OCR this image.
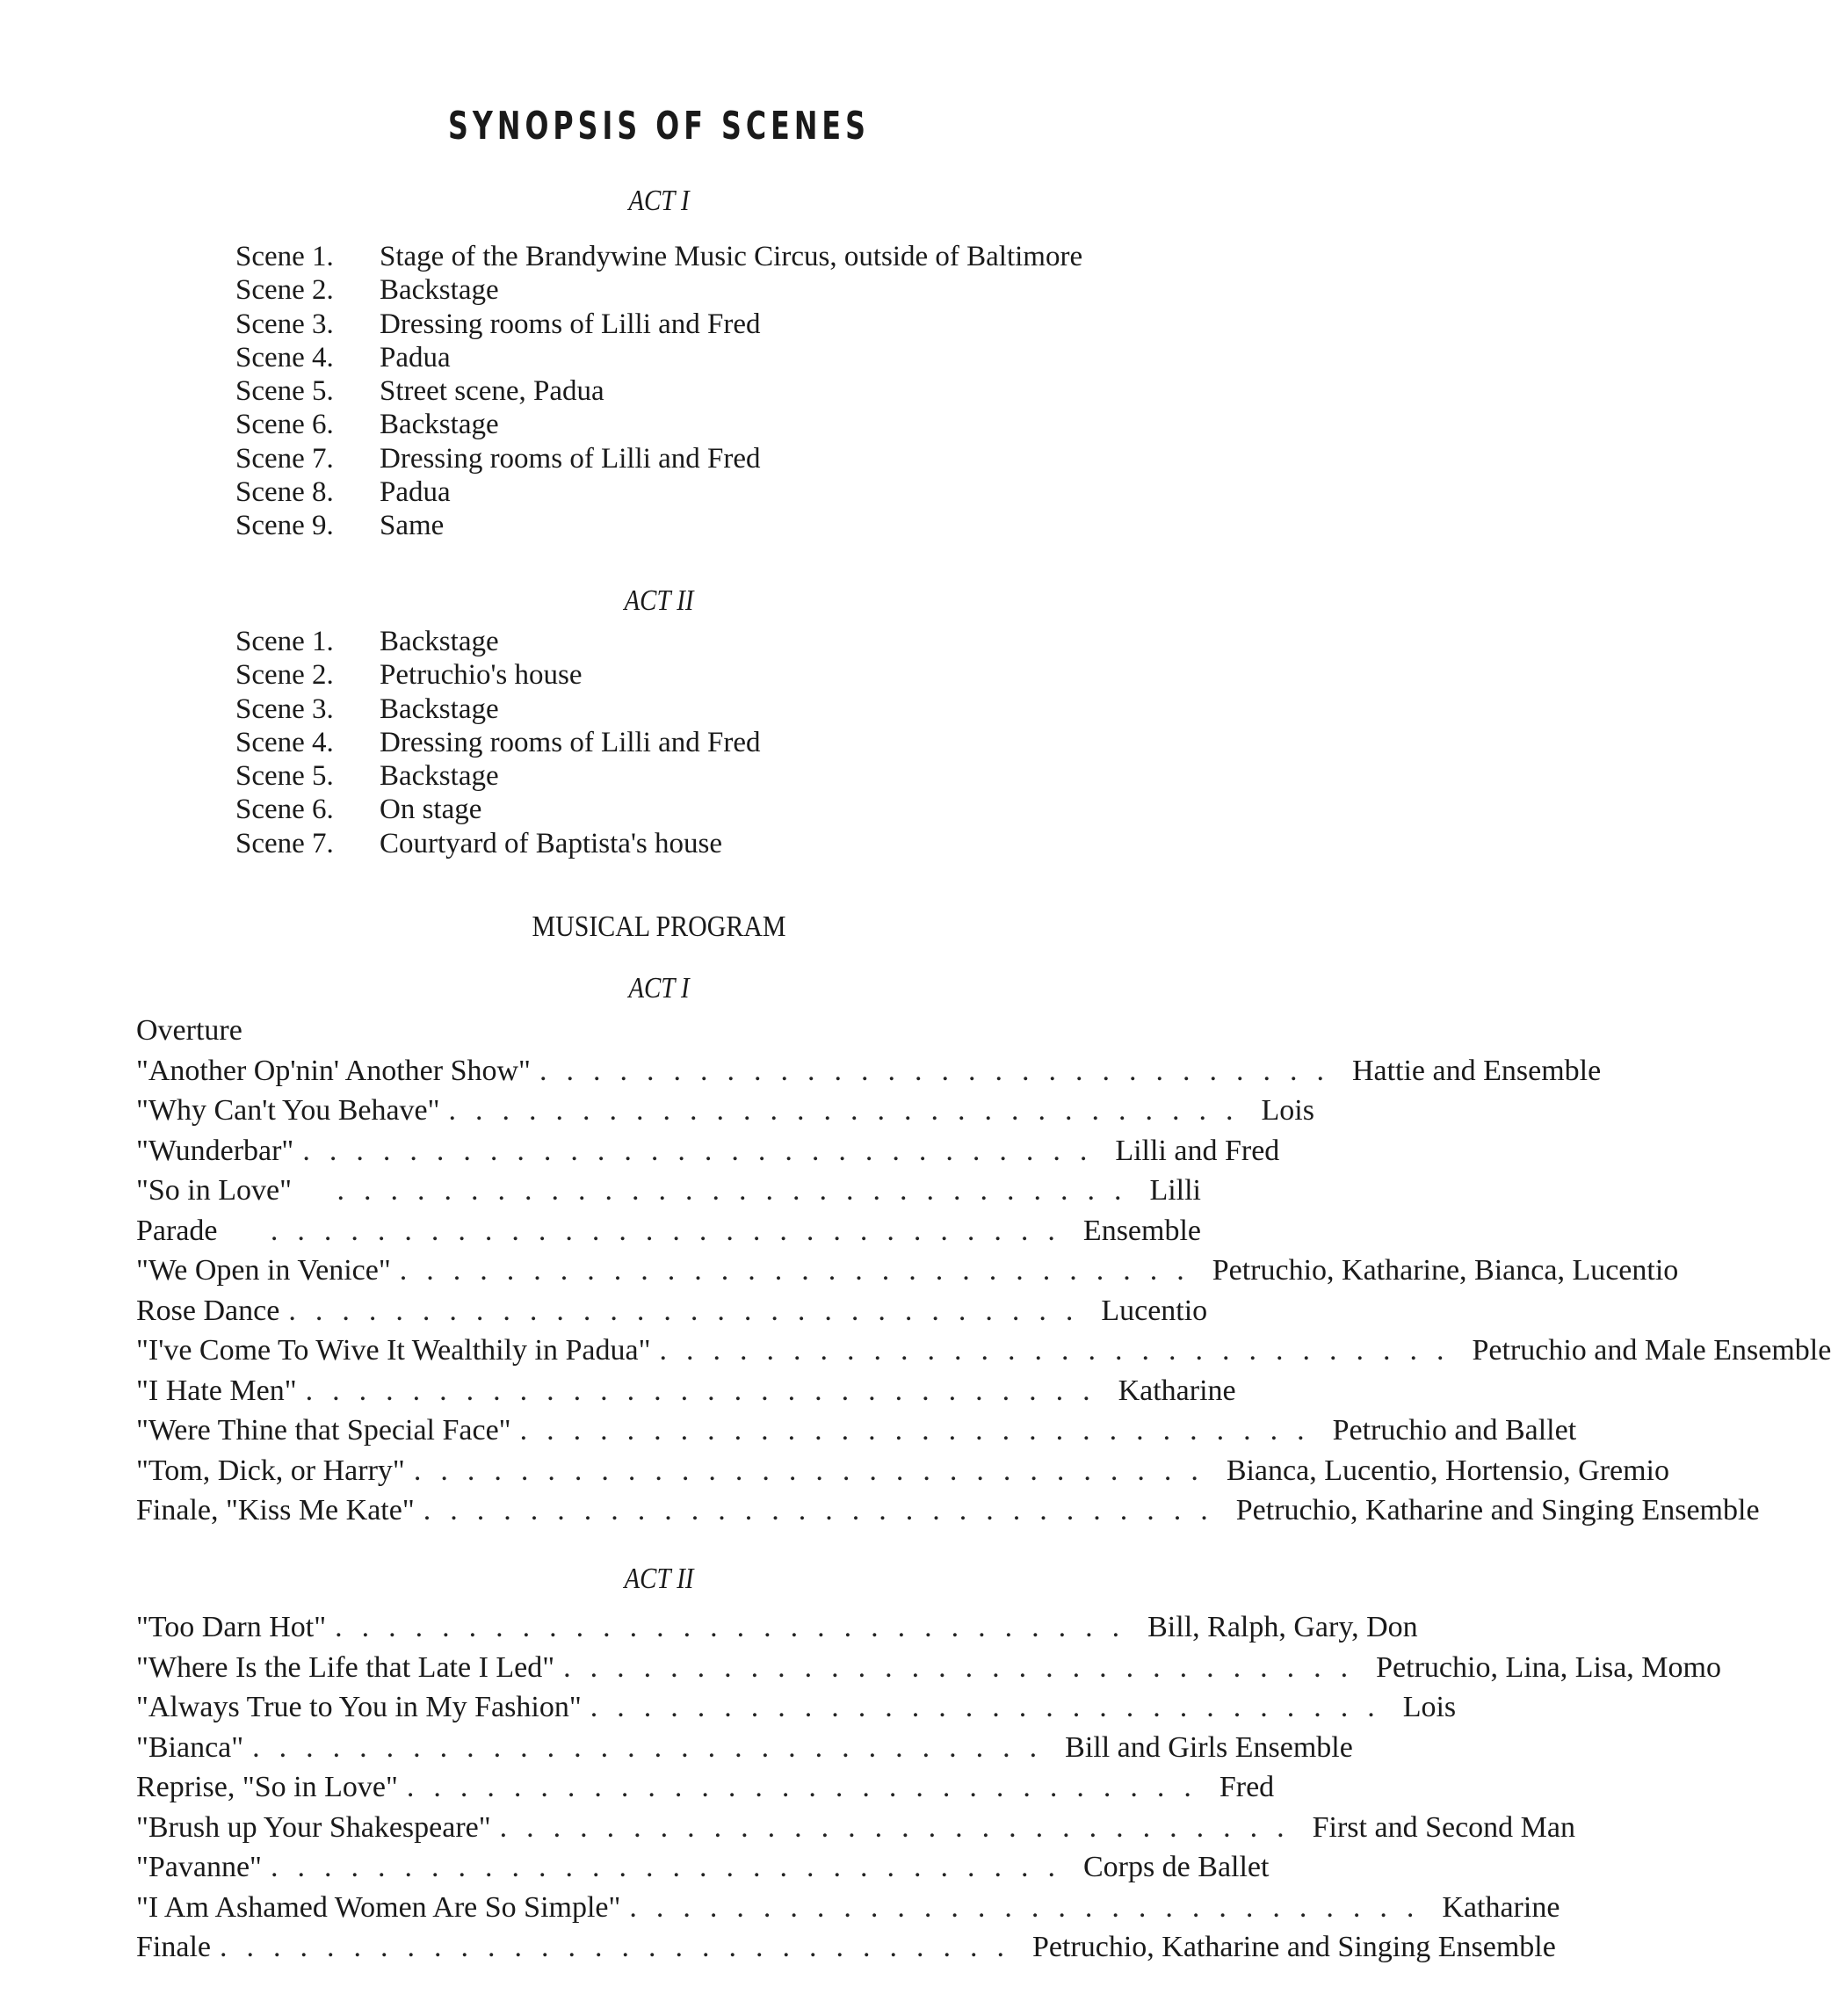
SYNOPSIS OF SCENES
ACT I
Scene 1.	Stage of the Brandywine Music Circus, outside of Baltimore
Scene 2.	Backstage
Scene 3.	Dressing rooms of Lilli and Fred
Scene 4.	Padua
Scene 5.	Street scene, Padua
Scene 6.	Backstage
Scene 7.	Dressing rooms of Lilli and Fred
Scene 8.	Padua
Scene 9.	Same
ACT II
Scene 1.	Backstage
Scene 2.	Petruchio's house
Scene 3.	Backstage
Scene 4.	Dressing rooms of Lilli and Fred
Scene 5.	Backstage
Scene 6.	On stage
Scene 7.	Courtyard of Baptista's house
MUSICAL PROGRAM
ACT I
Overture
"Another Op'nin' Another Show" .............................. Hattie and Ensemble
"Why Can't You Behave" .............................. Lois
"Wunderbar" .............................. Lilli and Fred
"So in Love"	.............................. Lilli
Parade	.............................. Ensemble
"We Open in Venice" .............................. Petruchio, Katharine, Bianca, Lucentio
Rose Dance .............................. Lucentio
"I've Come To Wive It Wealthily in Padua" .............................. Petruchio and Male Ensemble
"I Hate Men" .............................. Katharine
"Were Thine that Special Face" .............................. Petruchio and Ballet
"Tom, Dick, or Harry" .............................. Bianca, Lucentio, Hortensio, Gremio
Finale, "Kiss Me Kate" .............................. Petruchio, Katharine and Singing Ensemble
ACT II
"Too Darn Hot" .............................. Bill, Ralph, Gary, Don
"Where Is the Life that Late I Led" .............................. Petruchio, Lina, Lisa, Momo
"Always True to You in My Fashion" .............................. Lois
"Bianca" .............................. Bill and Girls Ensemble
Reprise, "So in Love" .............................. Fred
"Brush up Your Shakespeare" .............................. First and Second Man
"Pavanne" .............................. Corps de Ballet
"I Am Ashamed Women Are So Simple" .............................. Katharine
Finale .............................. Petruchio, Katharine and Singing Ensemble
